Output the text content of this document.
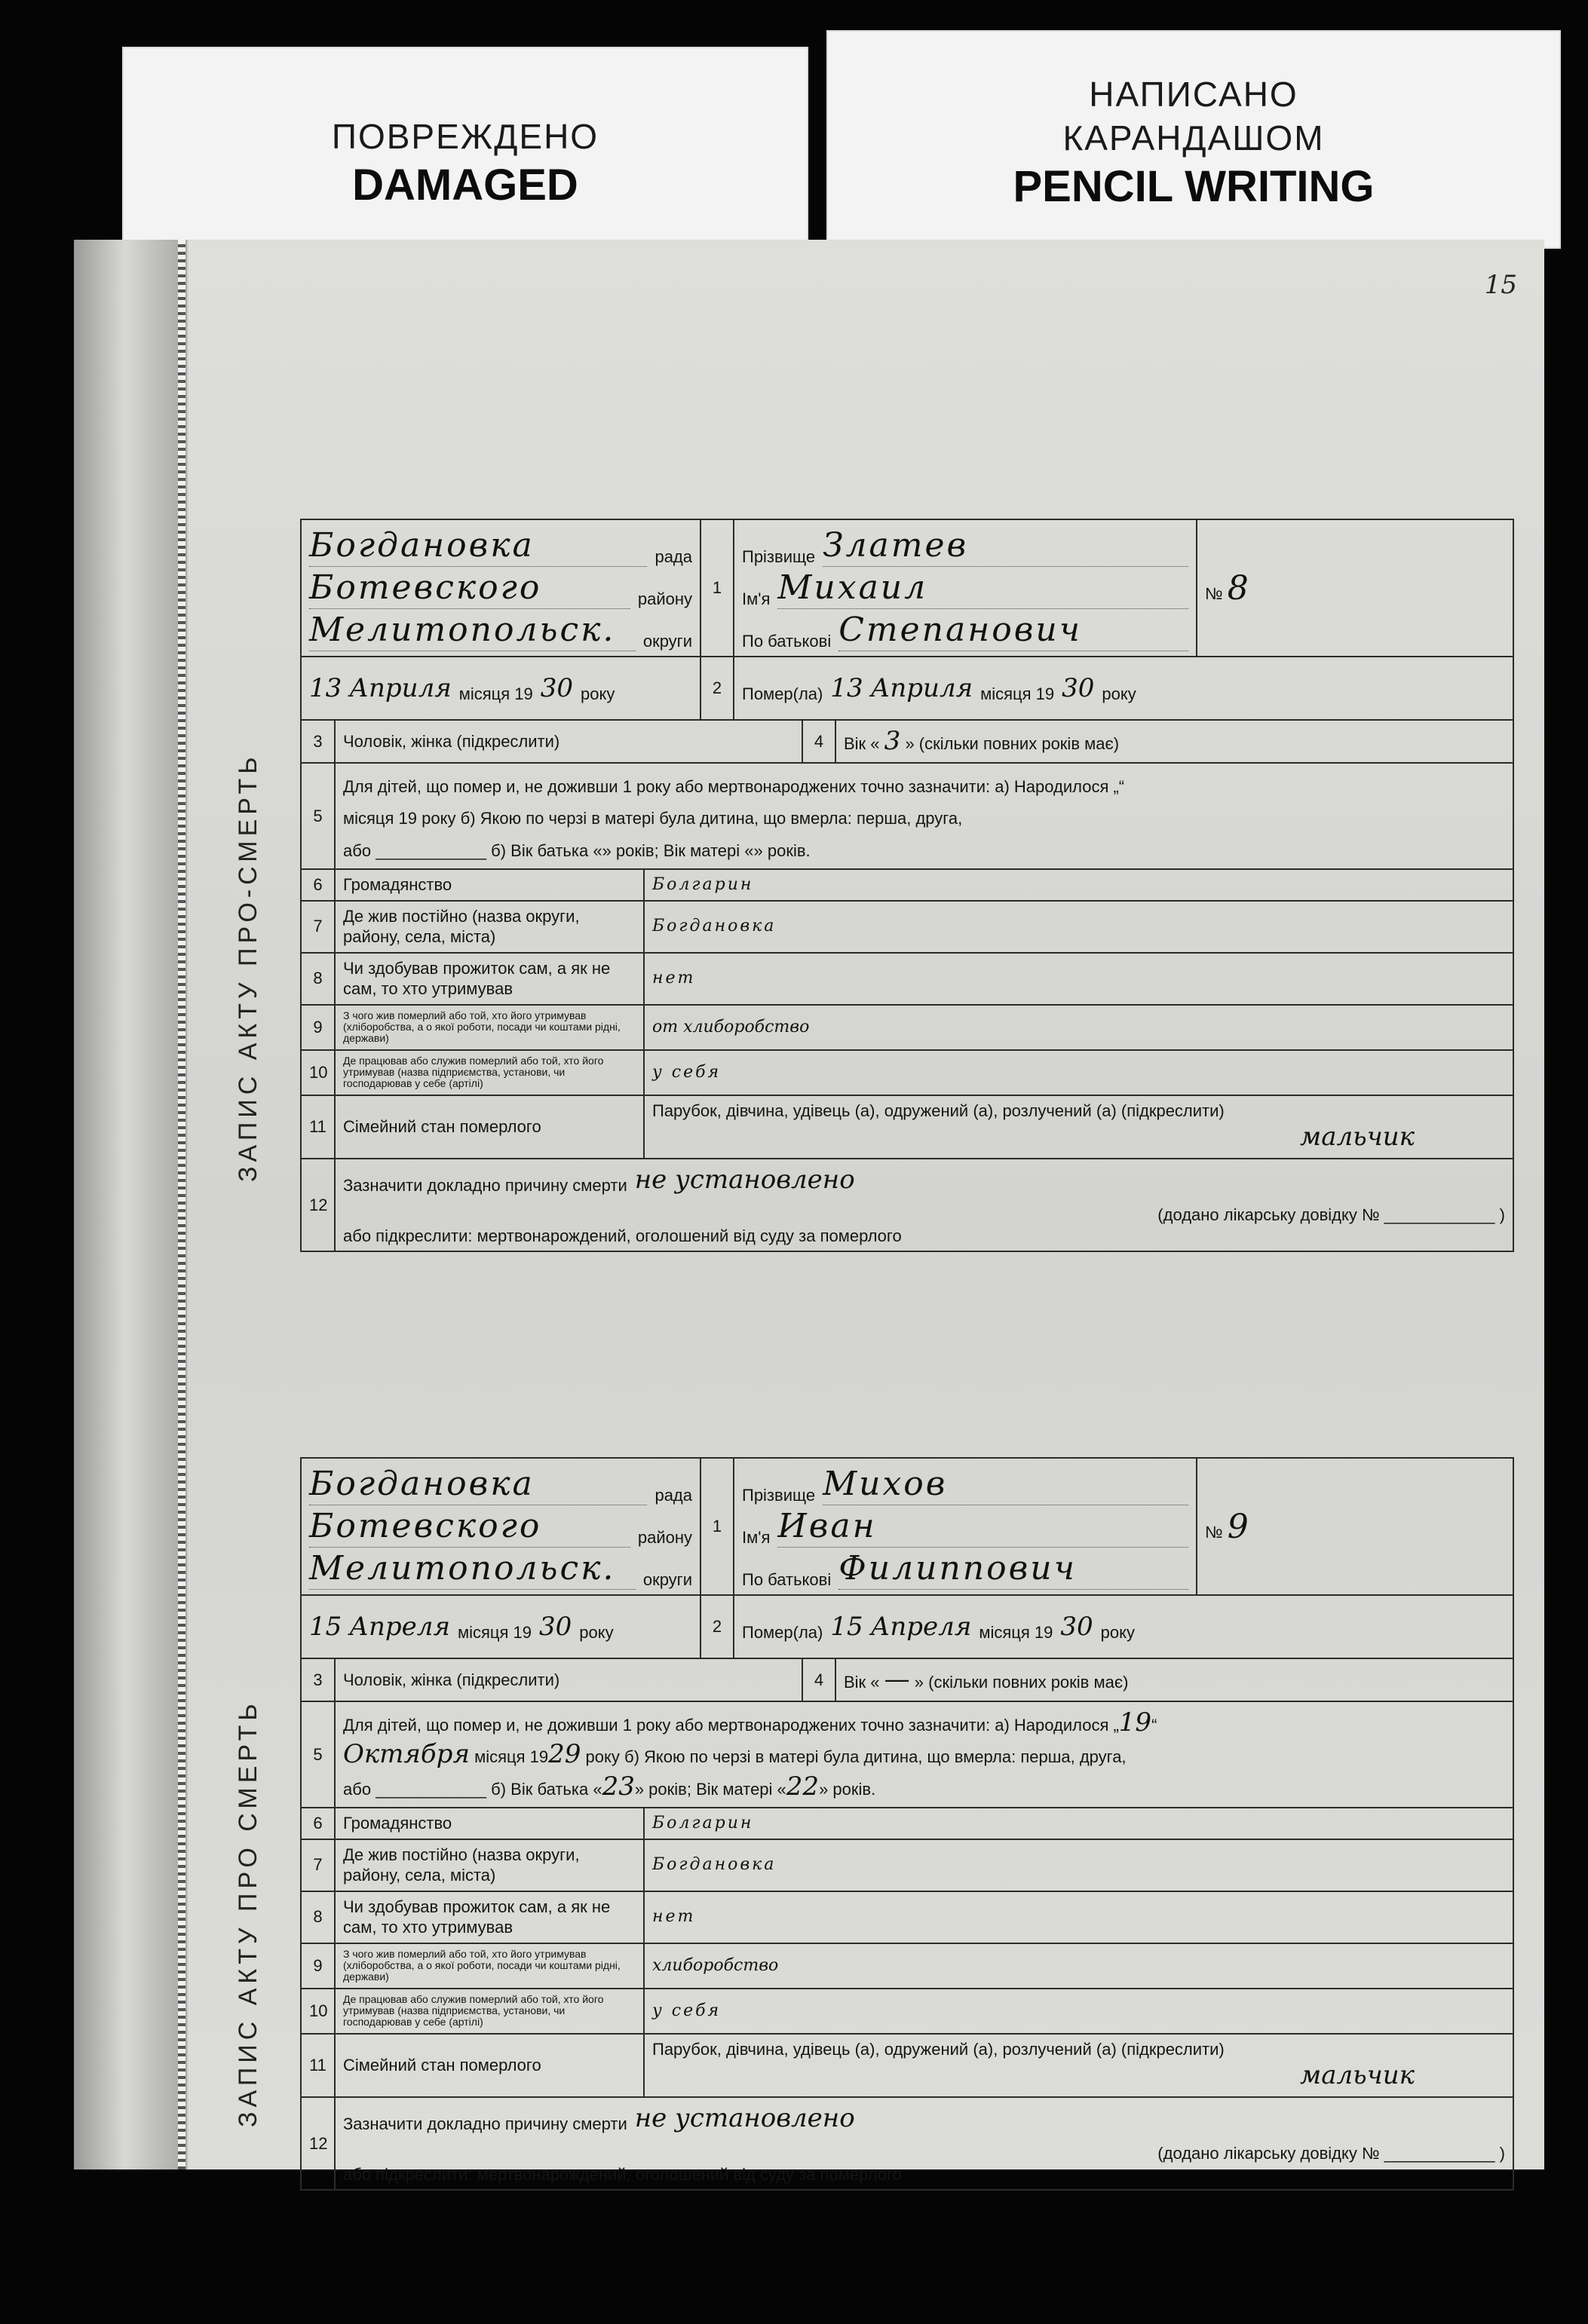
ПОВРЕЖДЕНО
DAMAGED
НАПИСАНО
КАРАНДАШОМ
PENCIL WRITING
15
ЗАПИС АКТУ ПРО-СМЕРТЬ
Богдановка	рада
Ботевского	району
Мелитопольск.	округи
	1	
Прізвище Златев
Ім'я Михаил
По батькові Степанович
	№ 8

13 Априля місяця 19 30 року	2	Помер(ла) 13 Априля місяця 19 30 року

3	Чоловік, жінка (підкреслити)	4	Вік « 3 » (скільки повних років має)

5	
Для дітей, що помер и, не доживши 1 року або мертвонароджених точно зазначити: а) Народилося „“
місяця 19 року б) Якою по черзі в матері була дитина, що вмерла: перша, друга,
або ____________ б) Вік батька «» років; Вік матері «» років.

6	Громадянство	Болгарин

7	Де жив постійно (назва округи, району, села, міста)	Богдановка

8	Чи здобував прожиток сам, а як не сам, то хто утримував	нет

9	З чого жив померлий або той, хто його утримував (хліборобства, а o якої роботи, посади чи коштами рідні, держави)	от хлиборобство

10	Де працював або служив померлий або той, хто його утримував (назва підприємства, установи, чи господарював у себе (артілі)	у себя

11	Сімейний стан померлого	
Парубок, дівчина, удівець (а), одружений (а), розлучений (а) (підкреслити)
мальчик

12	
Зазначити докладно причину смерти не установлено
(додано лікарську довідку № ____________ )
або підкреслити: мертвонарождений, оголошений від суду за померлого
ЗАПИС АКТУ ПРО СМЕРТЬ
Богдановка	рада
Ботевского	району
Мелитопольск.	округи
	1	
Прізвище Михов
Ім'я Иван
По батькові Филиппович
	№ 9

15 Апреля місяця 19 30 року	2	Помер(ла) 15 Апреля місяця 19 30 року

3	Чоловік, жінка (підкреслити)	4	Вік « — » (скільки повних років має)

5	
Для дітей, що помер и, не доживши 1 року або мертвонароджених точно зазначити: а) Народилося „19“
Октября місяця 1929 року б) Якою по черзі в матері була дитина, що вмерла: перша, друга,
або ____________ б) Вік батька «23» років; Вік матері «22» років.

6	Громадянство	Болгарин

7	Де жив постійно (назва округи, району, села, міста)	Богдановка

8	Чи здобував прожиток сам, а як не сам, то хто утримував	нет

9	З чого жив померлий або той, хто його утримував (хліборобства, а o якої роботи, посади чи коштами рідні, держави)	хлиборобство

10	Де працював або служив померлий або той, хто його утримував (назва підприємства, установи, чи господарював у себе (артілі)	у себя

11	Сімейний стан померлого	
Парубок, дівчина, удівець (а), одружений (а), розлучений (а) (підкреслити)
мальчик

12	
Зазначити докладно причину смерти не установлено
(додано лікарську довідку № ____________ )
або підкреслити: мертвонарождений, оголошений від суду за померлого
